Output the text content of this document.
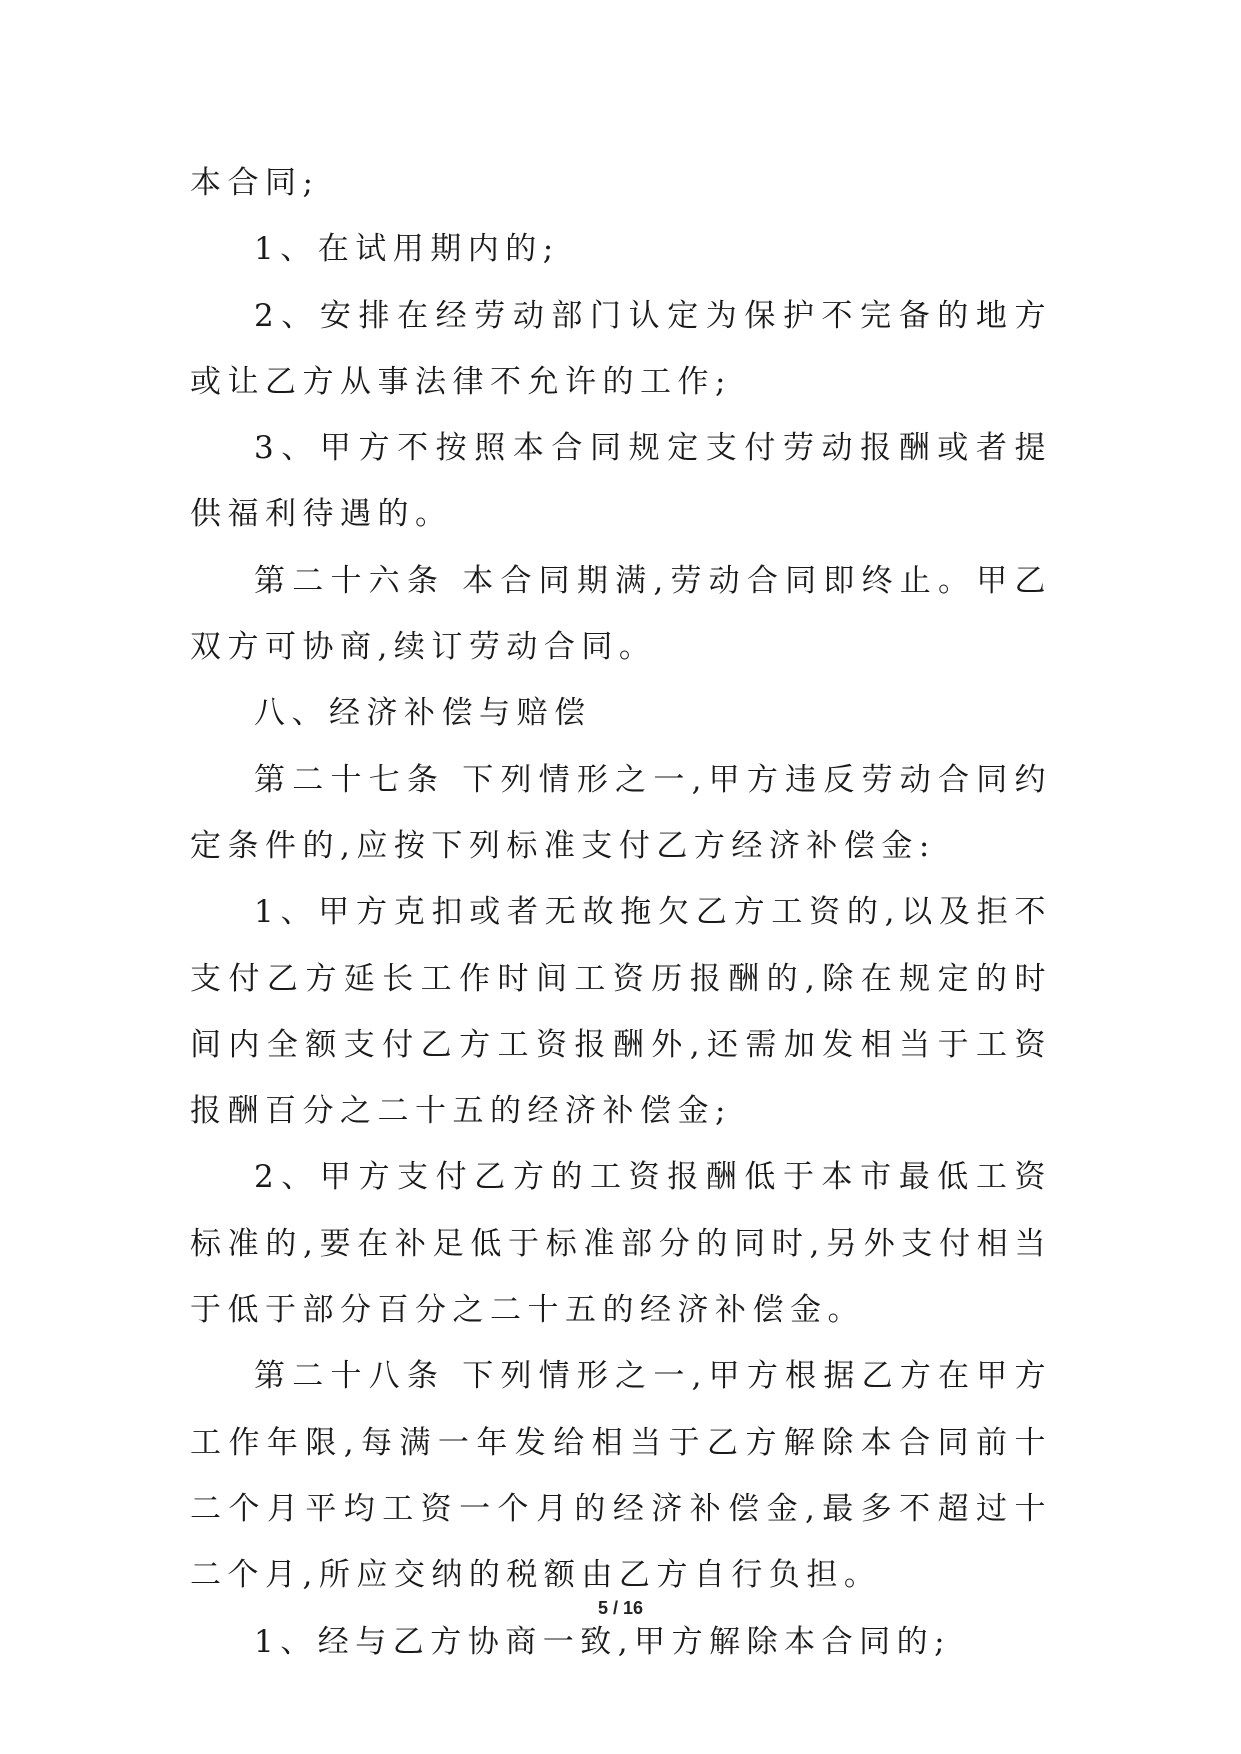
本合同;

1、在试用期内的;

2、安排在经劳动部门认定为保护不完备的地方或让乙方从事法律不允许的工作;

3、甲方不按照本合同规定支付劳动报酬或者提供福利待遇的。

第二十六条 本合同期满,劳动合同即终止。甲乙双方可协商,续订劳动合同。

八、经济补偿与赔偿

第二十七条 下列情形之一,甲方违反劳动合同约定条件的,应按下列标准支付乙方经济补偿金:

1、甲方克扣或者无故拖欠乙方工资的,以及拒不支付乙方延长工作时间工资历报酬的,除在规定的时间内全额支付乙方工资报酬外,还需加发相当于工资报酬百分之二十五的经济补偿金;

2、甲方支付乙方的工资报酬低于本市最低工资标准的,要在补足低于标准部分的同时,另外支付相当于低于部分百分之二十五的经济补偿金。

第二十八条 下列情形之一,甲方根据乙方在甲方工作年限,每满一年发给相当于乙方解除本合同前十二个月平均工资一个月的经济补偿金,最多不超过十二个月,所应交纳的税额由乙方自行负担。

1、经与乙方协商一致,甲方解除本合同的;

5 / 16
